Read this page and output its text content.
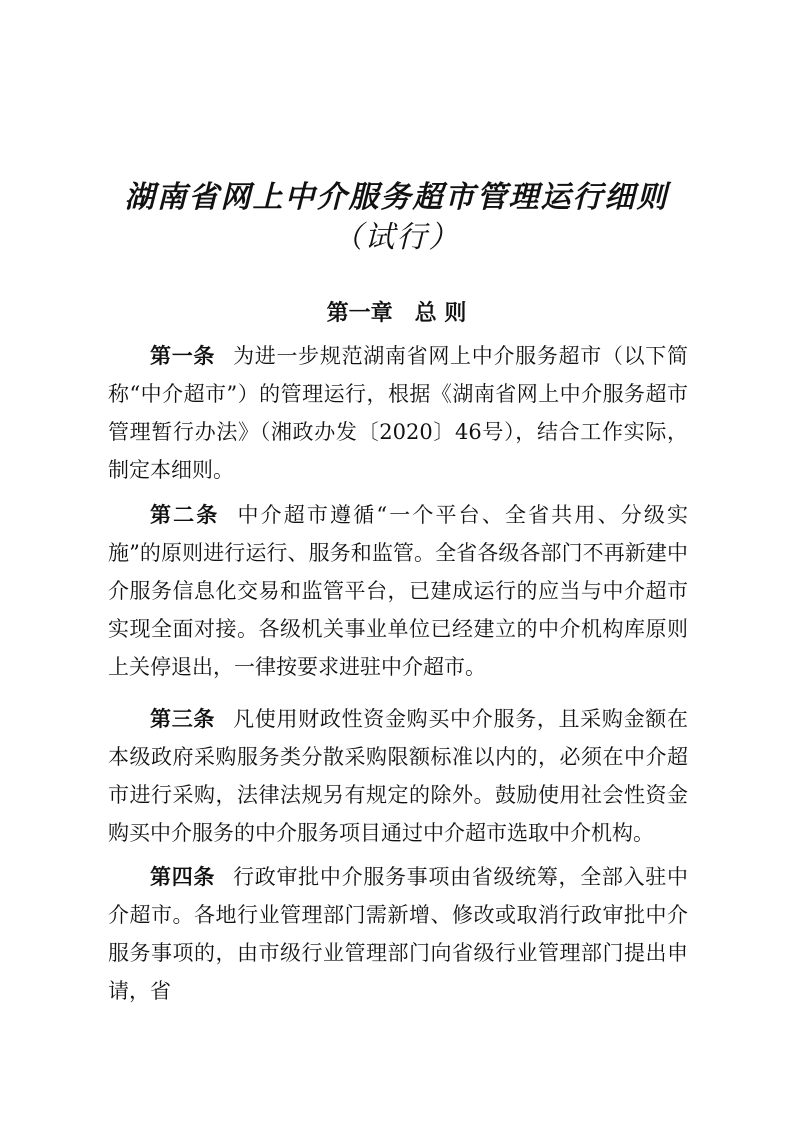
湖南省网上中介服务超市管理运行细则
（试行）
第一章　总 则

第一条 为进一步规范湖南省网上中介服务超市（以下简称“中介超市”）的管理运行，根据《湖南省网上中介服务超市管理暂行办法》（湘政办发〔2020〕46号），结合工作实际，制定本细则。

第二条 中介超市遵循“一个平台、全省共用、分级实施”的原则进行运行、服务和监管。全省各级各部门不再新建中介服务信息化交易和监管平台，已建成运行的应当与中介超市实现全面对接。各级机关事业单位已经建立的中介机构库原则上关停退出，一律按要求进驻中介超市。

第三条 凡使用财政性资金购买中介服务，且采购金额在本级政府采购服务类分散采购限额标准以内的，必须在中介超市进行采购，法律法规另有规定的除外。鼓励使用社会性资金购买中介服务的中介服务项目通过中介超市选取中介机构。

第四条 行政审批中介服务事项由省级统筹，全部入驻中介超市。各地行业管理部门需新增、修改或取消行政审批中介服务事项的，由市级行业管理部门向省级行业管理部门提出申请，省
